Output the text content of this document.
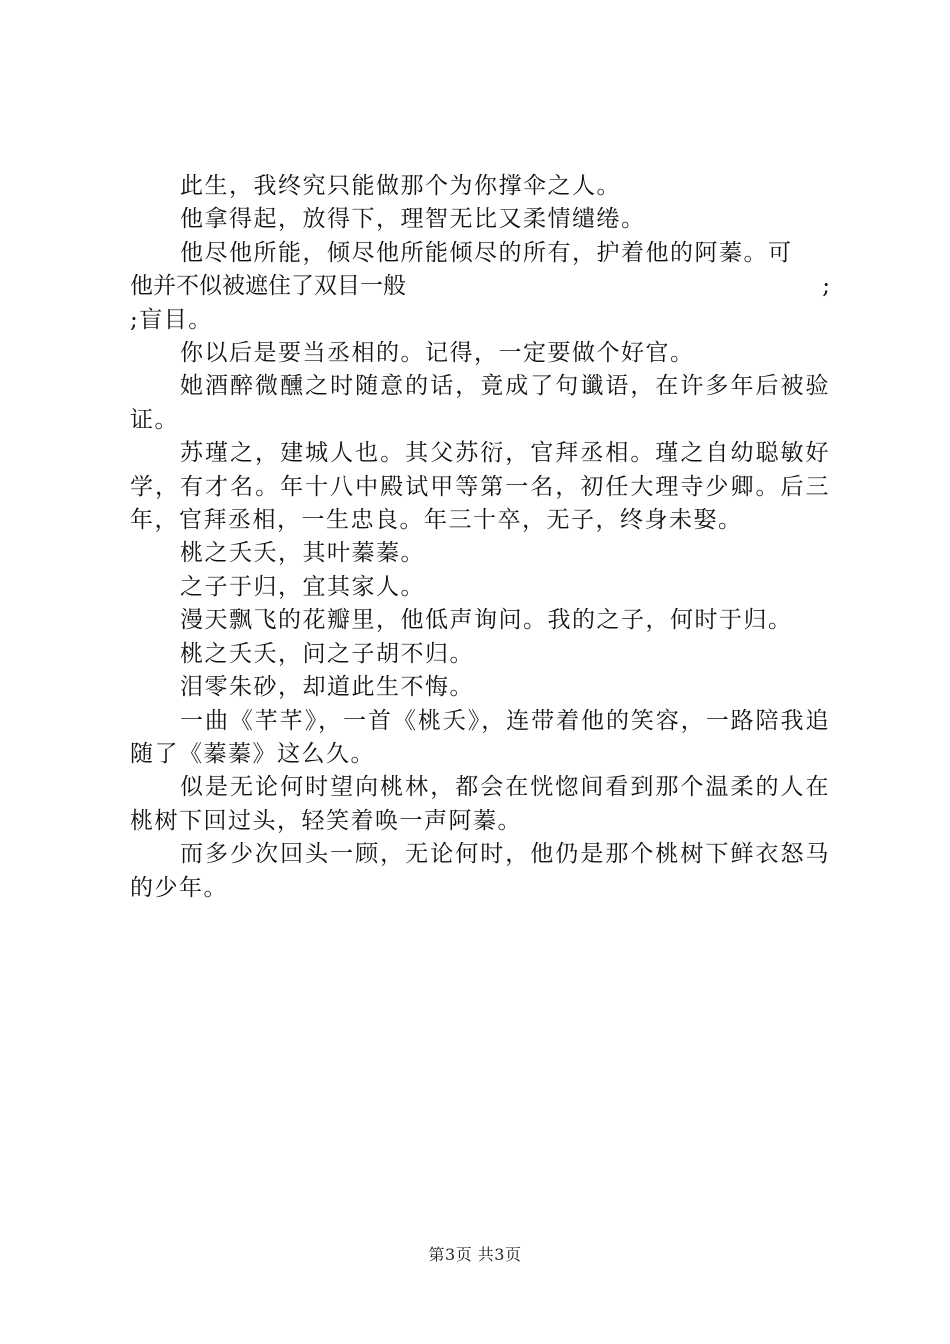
此生，我终究只能做那个为你撑伞之人。

他拿得起，放得下，理智无比又柔情缱绻。

他尽他所能，倾尽他所能倾尽的所有，护着他的阿蓁。可

他 并 不 似 被 遮 住 了 双 目 一 般	;

;盲目。

你以后是要当丞相的。记得，一定要做个好官。

她酒醉微醺之时随意的话，竟成了句谶语，在许多年后被验证。

苏瑾之，建城人也。其父苏衍，官拜丞相。瑾之自幼聪敏好学，有才名。年十八中殿试甲等第一名，初任大理寺少卿。后三年，官拜丞相，一生忠良。年三十卒，无子，终身未娶。

桃之夭夭，其叶蓁蓁。

之子于归，宜其家人。

漫天飘飞的花瓣里，他低声询问。我的之子，何时于归。

桃之夭夭，问之子胡不归。

泪零朱砂，却道此生不悔。

一曲《芊芊》，一首《桃夭》，连带着他的笑容，一路陪我追随了《蓁蓁》这么久。

似是无论何时望向桃林，都会在恍惚间看到那个温柔的人在桃树下回过头，轻笑着唤一声阿蓁。

而多少次回头一顾，无论何时，他仍是那个桃树下鲜衣怒马的少年。

第3页 共3页
